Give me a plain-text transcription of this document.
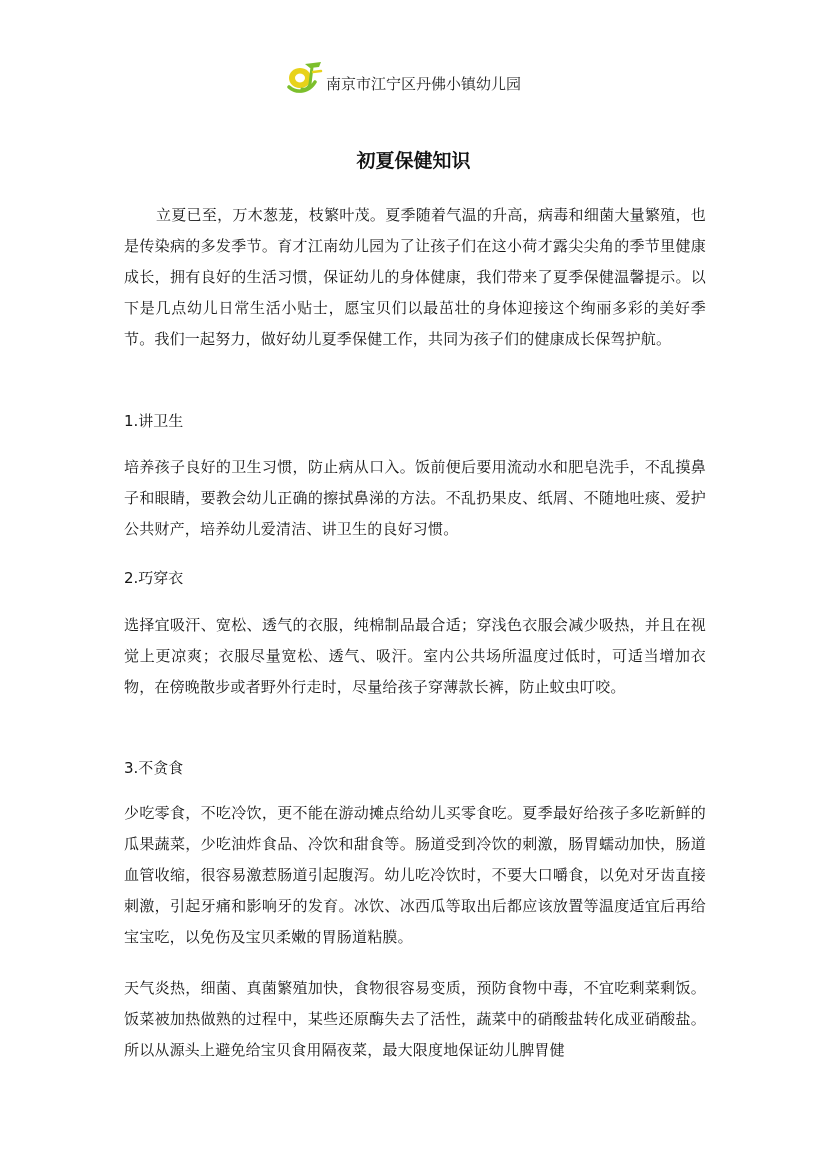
南京市江宁区丹佛小镇幼儿园
初夏保健知识

立夏已至，万木葱茏，枝繁叶茂。夏季随着气温的升高，病毒和细菌大量繁殖，也是传染病的多发季节。育才江南幼儿园为了让孩子们在这小荷才露尖尖角的季节里健康成长，拥有良好的生活习惯，保证幼儿的身体健康，我们带来了夏季保健温馨提示。以下是几点幼儿日常生活小贴士，愿宝贝们以最茁壮的身体迎接这个绚丽多彩的美好季节。我们一起努力，做好幼儿夏季保健工作，共同为孩子们的健康成长保驾护航。

1.讲卫生

培养孩子良好的卫生习惯，防止病从口入。饭前便后要用流动水和肥皂洗手，不乱摸鼻子和眼睛，要教会幼儿正确的擦拭鼻涕的方法。不乱扔果皮、纸屑、不随地吐痰、爱护公共财产，培养幼儿爱清洁、讲卫生的良好习惯。

2.巧穿衣

选择宜吸汗、宽松、透气的衣服，纯棉制品最合适；穿浅色衣服会减少吸热，并且在视觉上更凉爽；衣服尽量宽松、透气、吸汗。室内公共场所温度过低时，可适当增加衣物，在傍晚散步或者野外行走时，尽量给孩子穿薄款长裤，防止蚊虫叮咬。

3.不贪食

少吃零食，不吃冷饮，更不能在游动摊点给幼儿买零食吃。夏季最好给孩子多吃新鲜的瓜果蔬菜，少吃油炸食品、冷饮和甜食等。肠道受到冷饮的刺激，肠胃蠕动加快，肠道血管收缩，很容易激惹肠道引起腹泻。幼儿吃冷饮时，不要大口嚼食，以免对牙齿直接刺激，引起牙痛和影响牙的发育。冰饮、冰西瓜等取出后都应该放置等温度适宜后再给宝宝吃，以免伤及宝贝柔嫩的胃肠道粘膜。

天气炎热，细菌、真菌繁殖加快，食物很容易变质，预防食物中毒，不宜吃剩菜剩饭。饭菜被加热做熟的过程中，某些还原酶失去了活性，蔬菜中的硝酸盐转化成亚硝酸盐。所以从源头上避免给宝贝食用隔夜菜，最大限度地保证幼儿脾胃健
